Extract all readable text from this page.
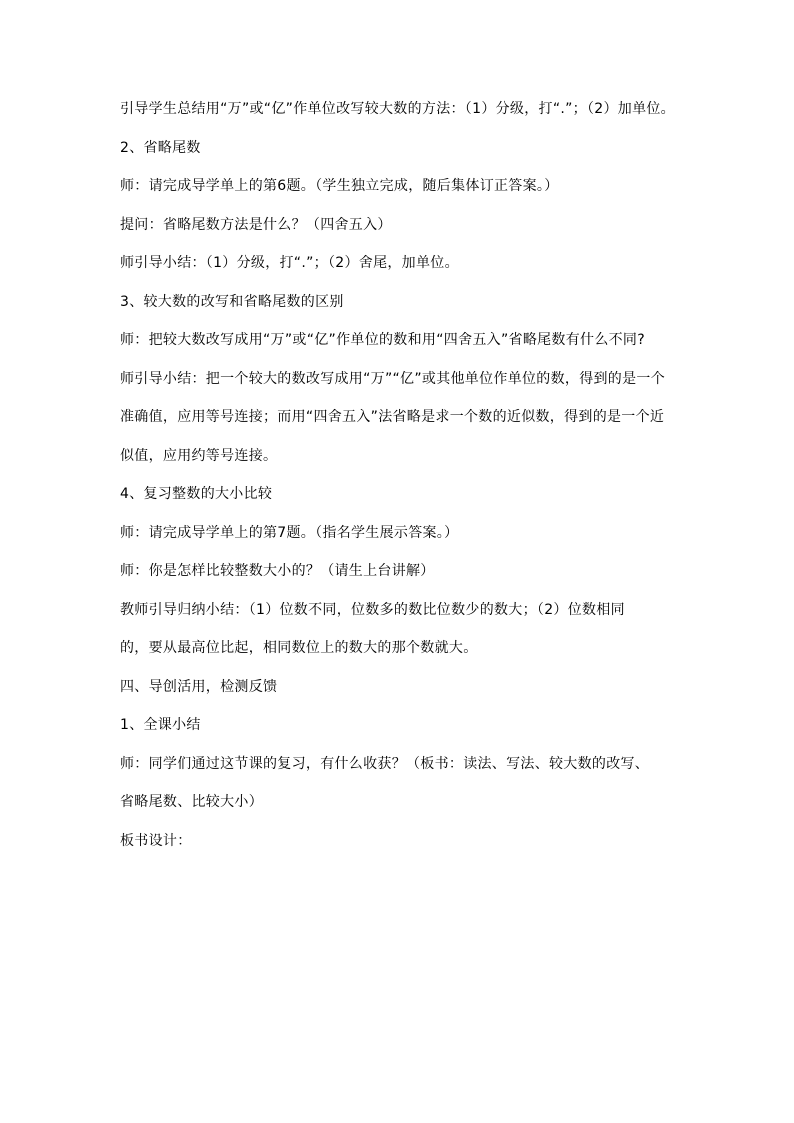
引导学生总结用“万”或“亿”作单位改写较大数的方法：（1）分级，打“.”；（2）加单位。
2、省略尾数
师：请完成导学单上的第6题。（学生独立完成，随后集体订正答案。）
提问：省略尾数方法是什么？（四舍五入）
师引导小结：（1）分级，打“.”；（2）舍尾，加单位。
3、较大数的改写和省略尾数的区别
师：把较大数改写成用“万”或“亿”作单位的数和用“四舍五入”省略尾数有什么不同?
师引导小结：把一个较大的数改写成用“万”“亿”或其他单位作单位的数，得到的是一个
准确值，应用等号连接；而用“四舍五入”法省略是求一个数的近似数，得到的是一个近
似值，应用约等号连接。
4、复习整数的大小比较
师：请完成导学单上的第7题。（指名学生展示答案。）
师：你是怎样比较整数大小的？（请生上台讲解）
教师引导归纳小结：（1）位数不同，位数多的数比位数少的数大；（2）位数相同
的，要从最高位比起，相同数位上的数大的那个数就大。
四、导创活用，检测反馈
1、全课小结
师：同学们通过这节课的复习，有什么收获？（板书：读法、写法、较大数的改写、
省略尾数、比较大小）
板书设计：
